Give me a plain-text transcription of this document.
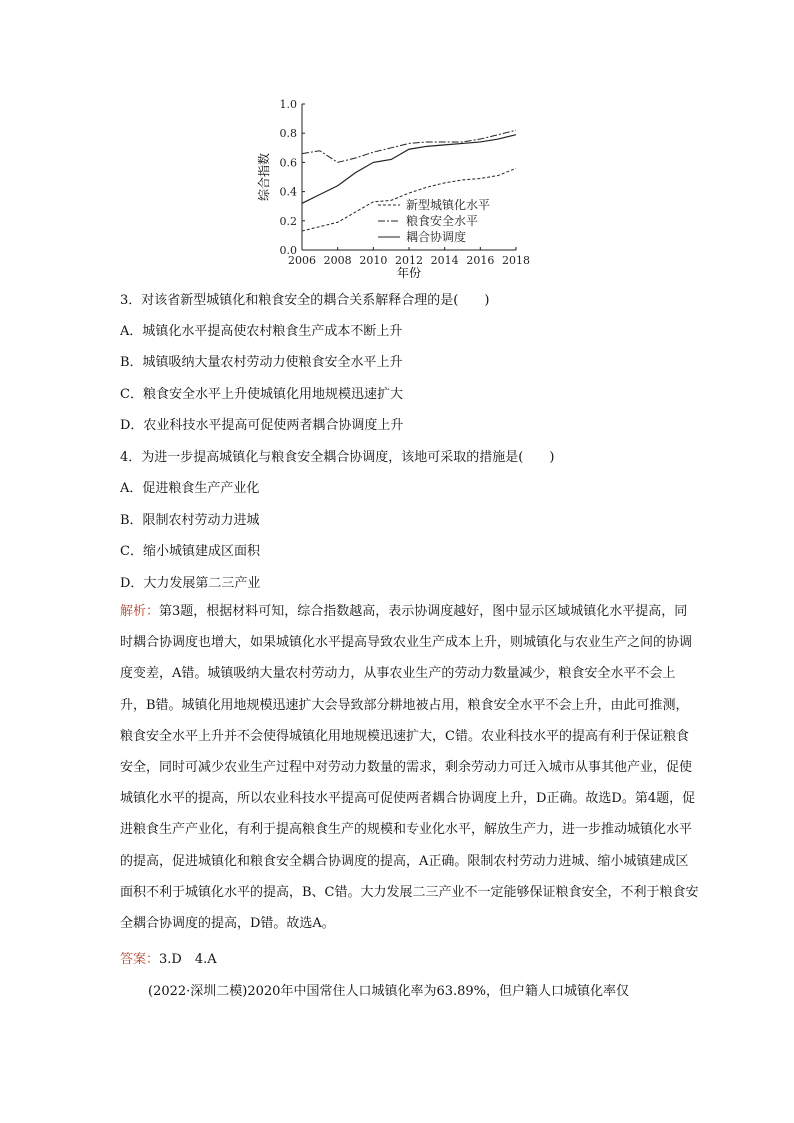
0.0
0.2
0.4
0.6
0.8
1.0
2006 2008 2010 2012 2014 2016 2018
新型城镇化水平
粮食安全水平
耦合协调度
综合指数
年份
3．对该省新型城镇化和粮食安全的耦合关系解释合理的是(　　)
A．城镇化水平提高使农村粮食生产成本不断上升
B．城镇吸纳大量农村劳动力使粮食安全水平上升
C．粮食安全水平上升使城镇化用地规模迅速扩大
D．农业科技水平提高可促使两者耦合协调度上升
4．为进一步提高城镇化与粮食安全耦合协调度，该地可采取的措施是(　　)
A．促进粮食生产产业化
B．限制农村劳动力进城
C．缩小城镇建成区面积
D．大力发展第二三产业
解析：第3题，根据材料可知，综合指数越高，表示协调度越好，图中显示区域城镇化水平提高，同时耦合协调度也增大，如果城镇化水平提高导致农业生产成本上升，则城镇化与农业生产之间的协调度变差，A错。城镇吸纳大量农村劳动力，从事农业生产的劳动力数量减少，粮食安全水平不会上升，B错。城镇化用地规模迅速扩大会导致部分耕地被占用，粮食安全水平不会上升，由此可推测，粮食安全水平上升并不会使得城镇化用地规模迅速扩大，C错。农业科技水平的提高有利于保证粮食安全，同时可减少农业生产过程中对劳动力数量的需求，剩余劳动力可迁入城市从事其他产业，促使城镇化水平的提高，所以农业科技水平提高可促使两者耦合协调度上升，D正确。故选D。第4题，促进粮食生产产业化，有利于提高粮食生产的规模和专业化水平，解放生产力，进一步推动城镇化水平的提高，促进城镇化和粮食安全耦合协调度的提高，A正确。限制农村劳动力进城、缩小城镇建成区面积不利于城镇化水平的提高，B、C错。大力发展二三产业不一定能够保证粮食安全，不利于粮食安全耦合协调度的提高，D错。故选A。
答案：3.D　4.A
(2022·深圳二模)2020年中国常住人口城镇化率为63.89%，但户籍人口城镇化率仅
